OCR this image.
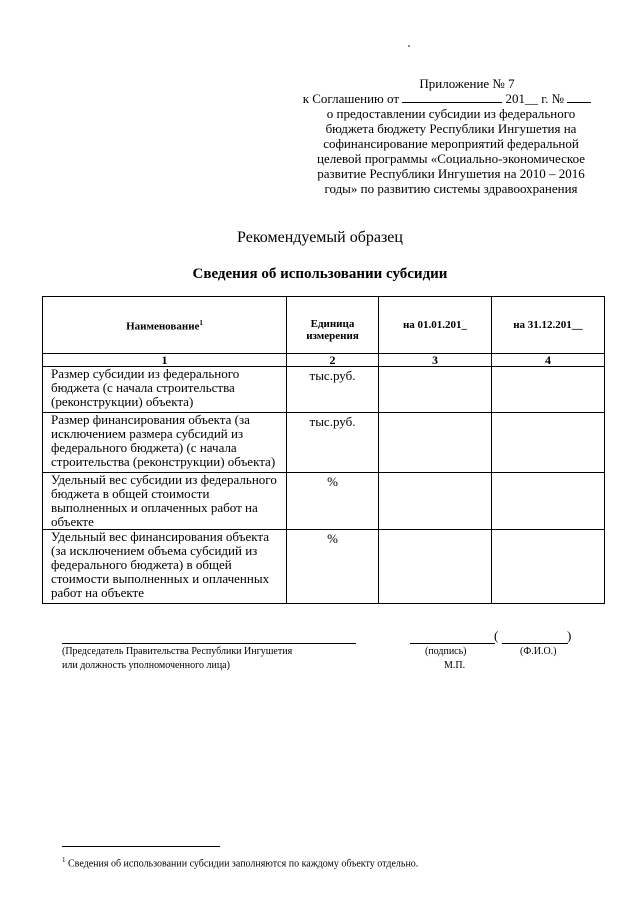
Приложение № 7
к Соглашению от	201__ г. №
о предоставлении субсидии из федерального бюджета бюджету Республики Ингушетия на софинансирование мероприятий федеральной целевой программы «Социально-экономическое развитие Республики Ингушетия на 2010 – 2016 годы» по развитию системы здравоохранения
Рекомендуемый образец
Сведения об использовании субсидии
Наименование$^1$	Единица измерения	на 01.01.201_	на 31.12.201__
1	2	3	4
Размер субсидии из федерального бюджета (с начала строительства (реконструкции) объекта)	тыс.руб.		
Размер финансирования объекта (за исключением размера субсидий из федерального бюджета) (с начала строительства (реконструкции) объекта)	тыс.руб.		
Удельный вес субсидии из федерального бюджета в общей стоимости выполненных и оплаченных работ на объекте	%		
Удельный вес финансирования объекта (за исключением объема субсидий из федерального бюджета) в общей стоимости выполненных и оплаченных работ на объекте	%		
(Председатель Правительства Республики Ингушетия
или должность уполномоченного лица)
(	)
(подпись)	(Ф.И.О.)
М.П.
$^1$ Сведения об использовании субсидии заполняются по каждому объекту отдельно.
